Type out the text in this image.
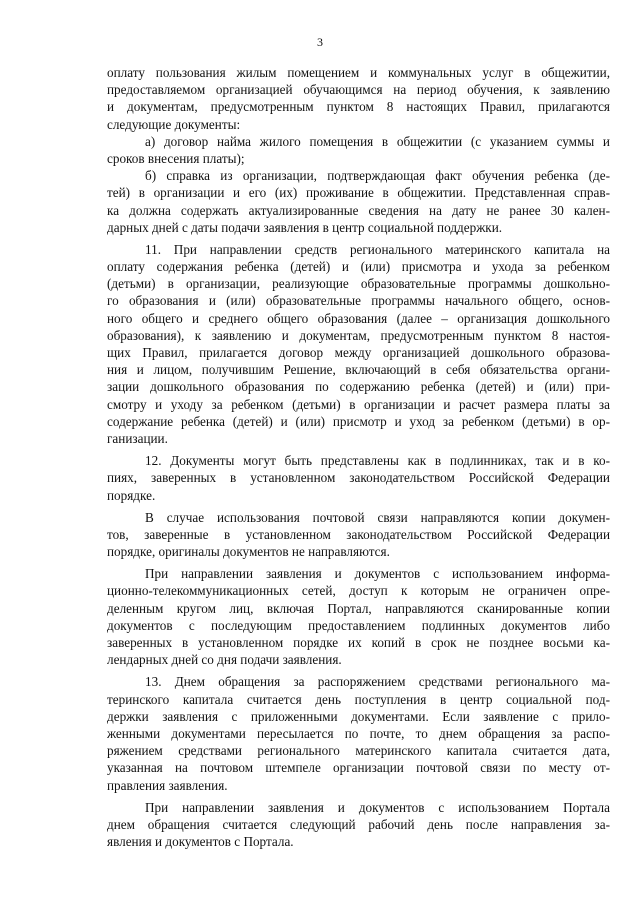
3
оплату пользования жилым помещением и коммунальных услуг в общежитии,
предоставляемом организацией обучающимся на период обучения, к заявлению
и документам, предусмотренным пунктом 8 настоящих Правил, прилагаются
следующие документы:
а) договор найма жилого помещения в общежитии (с указанием суммы и
сроков внесения платы);
б) справка из организации, подтверждающая факт обучения ребенка (де-
тей) в организации и его (их) проживание в общежитии. Представленная справ-
ка должна содержать актуализированные сведения на дату не ранее 30 кален-
дарных дней с даты подачи заявления в центр социальной поддержки.
11. При направлении средств регионального материнского капитала на
оплату содержания ребенка (детей) и (или) присмотра и ухода за ребенком
(детьми) в организации, реализующие образовательные программы дошкольно-
го образования и (или) образовательные программы начального общего, основ-
ного общего и среднего общего образования (далее – организация дошкольного
образования), к заявлению и документам, предусмотренным пунктом 8 настоя-
щих Правил, прилагается договор между организацией дошкольного образова-
ния и лицом, получившим Решение, включающий в себя обязательства органи-
зации дошкольного образования по содержанию ребенка (детей) и (или) при-
смотру и уходу за ребенком (детьми) в организации и расчет размера платы за
содержание ребенка (детей) и (или) присмотр и уход за ребенком (детьми) в ор-
ганизации.
12. Документы могут быть представлены как в подлинниках, так и в ко-
пиях, заверенных в установленном законодательством Российской Федерации
порядке.
В случае использования почтовой связи направляются копии докумен-
тов, заверенные в установленном законодательством Российской Федерации
порядке, оригиналы документов не направляются.
При направлении заявления и документов с использованием информа-
ционно-телекоммуникационных сетей, доступ к которым не ограничен опре-
деленным кругом лиц, включая Портал, направляются сканированные копии
документов с последующим предоставлением подлинных документов либо
заверенных в установленном порядке их копий в срок не позднее восьми ка-
лендарных дней со дня подачи заявления.
13. Днем обращения за распоряжением средствами регионального ма-
теринского капитала считается день поступления в центр социальной под-
держки заявления с приложенными документами. Если заявление с прило-
женными документами пересылается по почте, то днем обращения за распо-
ряжением средствами регионального материнского капитала считается дата,
указанная на почтовом штемпеле организации почтовой связи по месту от-
правления заявления.
При направлении заявления и документов с использованием Портала
днем обращения считается следующий рабочий день после направления за-
явления и документов с Портала.
